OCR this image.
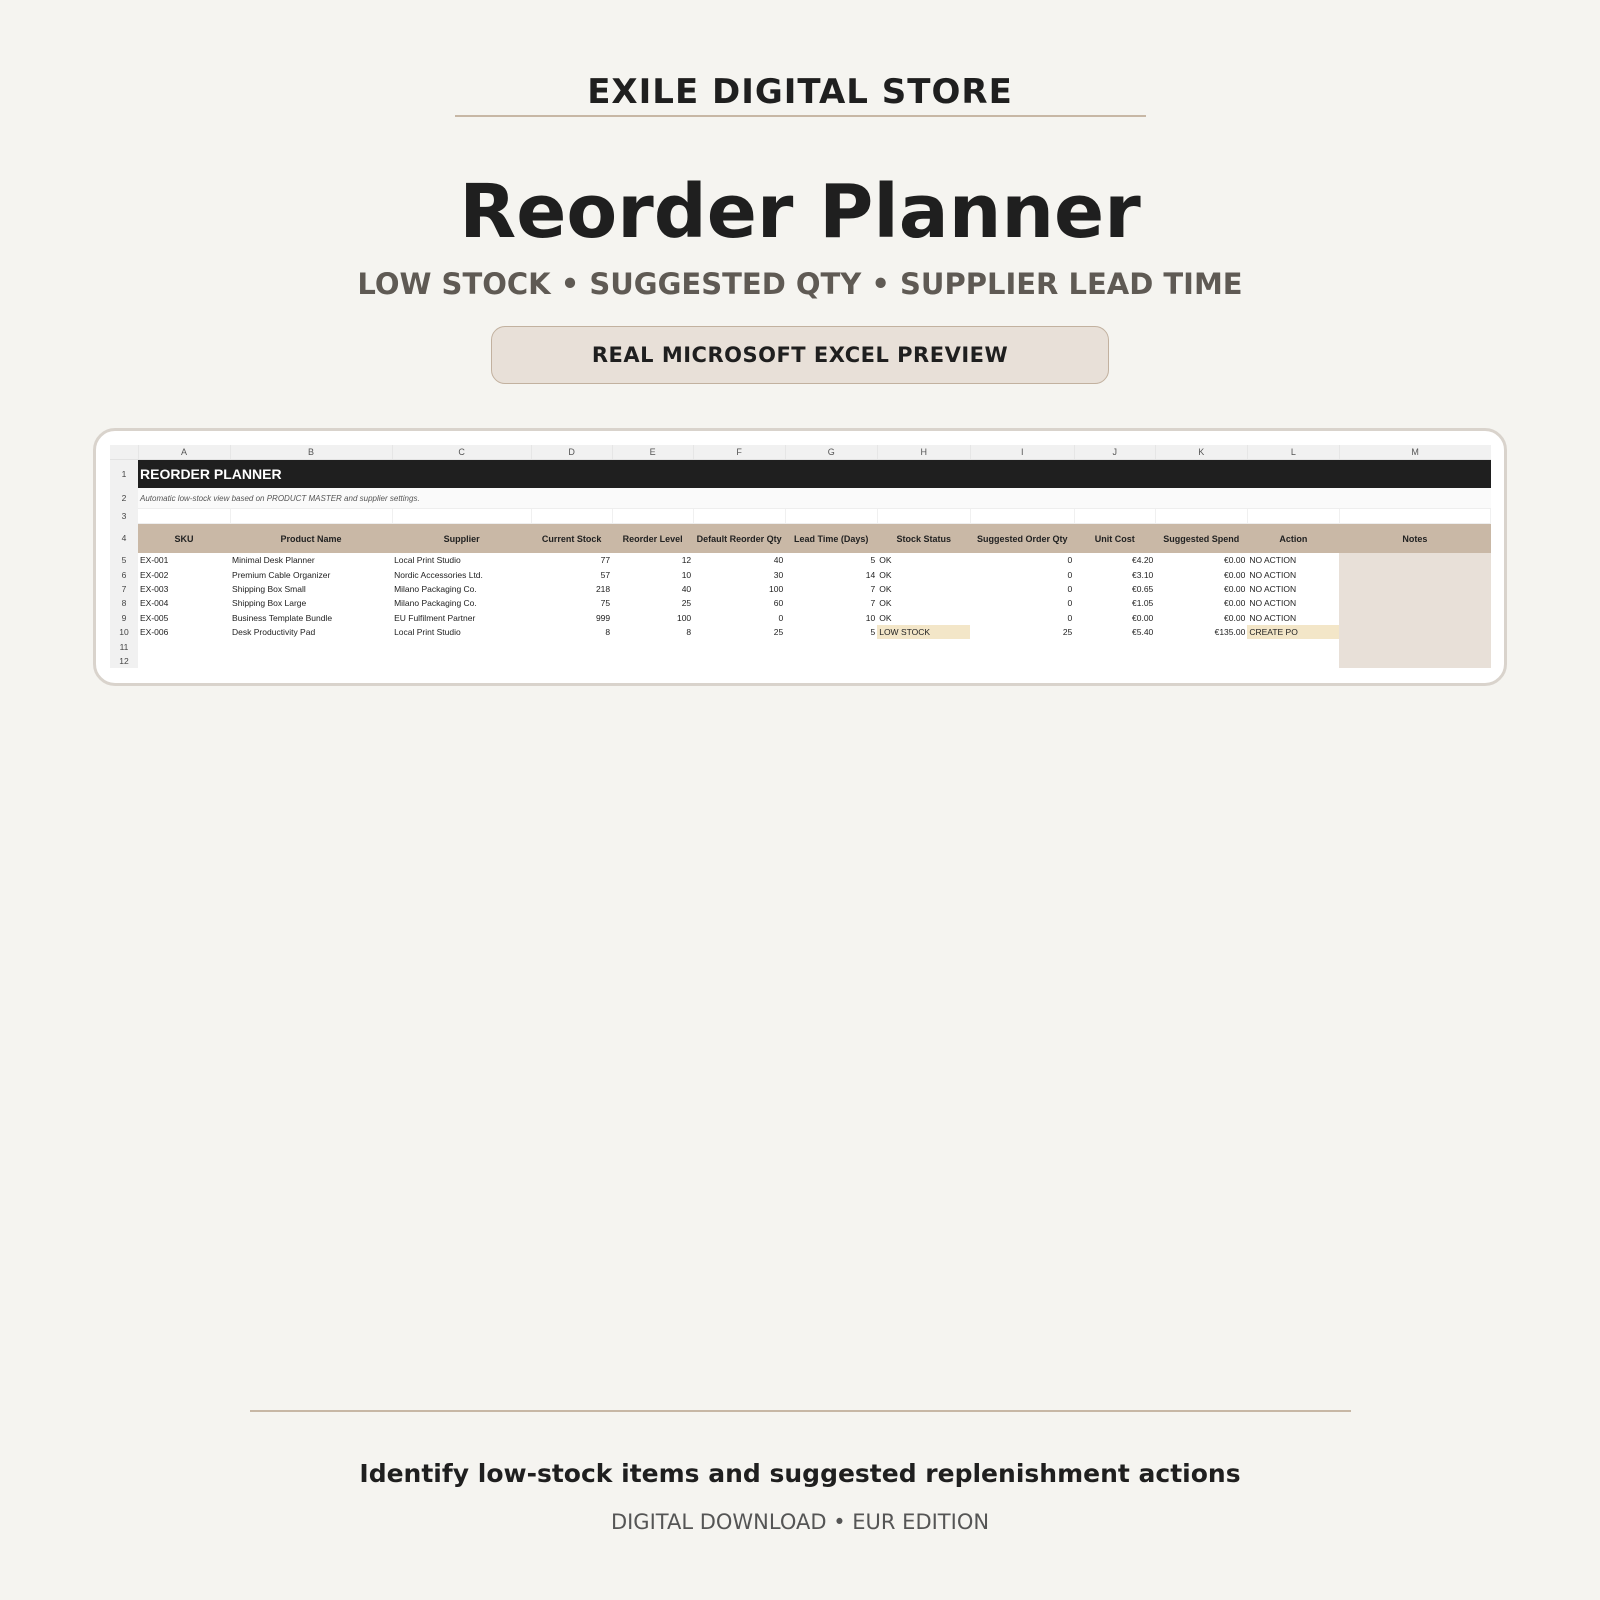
EXILE DIGITAL STORE
Reorder Planner
LOW STOCK • SUGGESTED QTY • SUPPLIER LEAD TIME
REAL MICROSOFT EXCEL PREVIEW
	A	B	C	D	E	F	G	H	I	J	K	L	M
1	REORDER PLANNER												
2	Automatic low-stock view based on PRODUCT MASTER and supplier settings.												
3													
4	SKU	Product Name	Supplier	Current Stock	Reorder Level	Default Reorder Qty	Lead Time (Days)	Stock Status	Suggested Order Qty	Unit Cost	Suggested Spend	Action	Notes
5	EX-001	Minimal Desk Planner	Local Print Studio	77	12	40	5	OK	0	€4.20	€0.00	NO ACTION	
6	EX-002	Premium Cable Organizer	Nordic Accessories Ltd.	57	10	30	14	OK	0	€3.10	€0.00	NO ACTION	
7	EX-003	Shipping Box Small	Milano Packaging Co.	218	40	100	7	OK	0	€0.65	€0.00	NO ACTION	
8	EX-004	Shipping Box Large	Milano Packaging Co.	75	25	60	7	OK	0	€1.05	€0.00	NO ACTION	
9	EX-005	Business Template Bundle	EU Fulfilment Partner	999	100	0	10	OK	0	€0.00	€0.00	NO ACTION	
10	EX-006	Desk Productivity Pad	Local Print Studio	8	8	25	5	LOW STOCK	25	€5.40	€135.00	CREATE PO	
11													
12													
Identify low-stock items and suggested replenishment actions
DIGITAL DOWNLOAD • EUR EDITION
